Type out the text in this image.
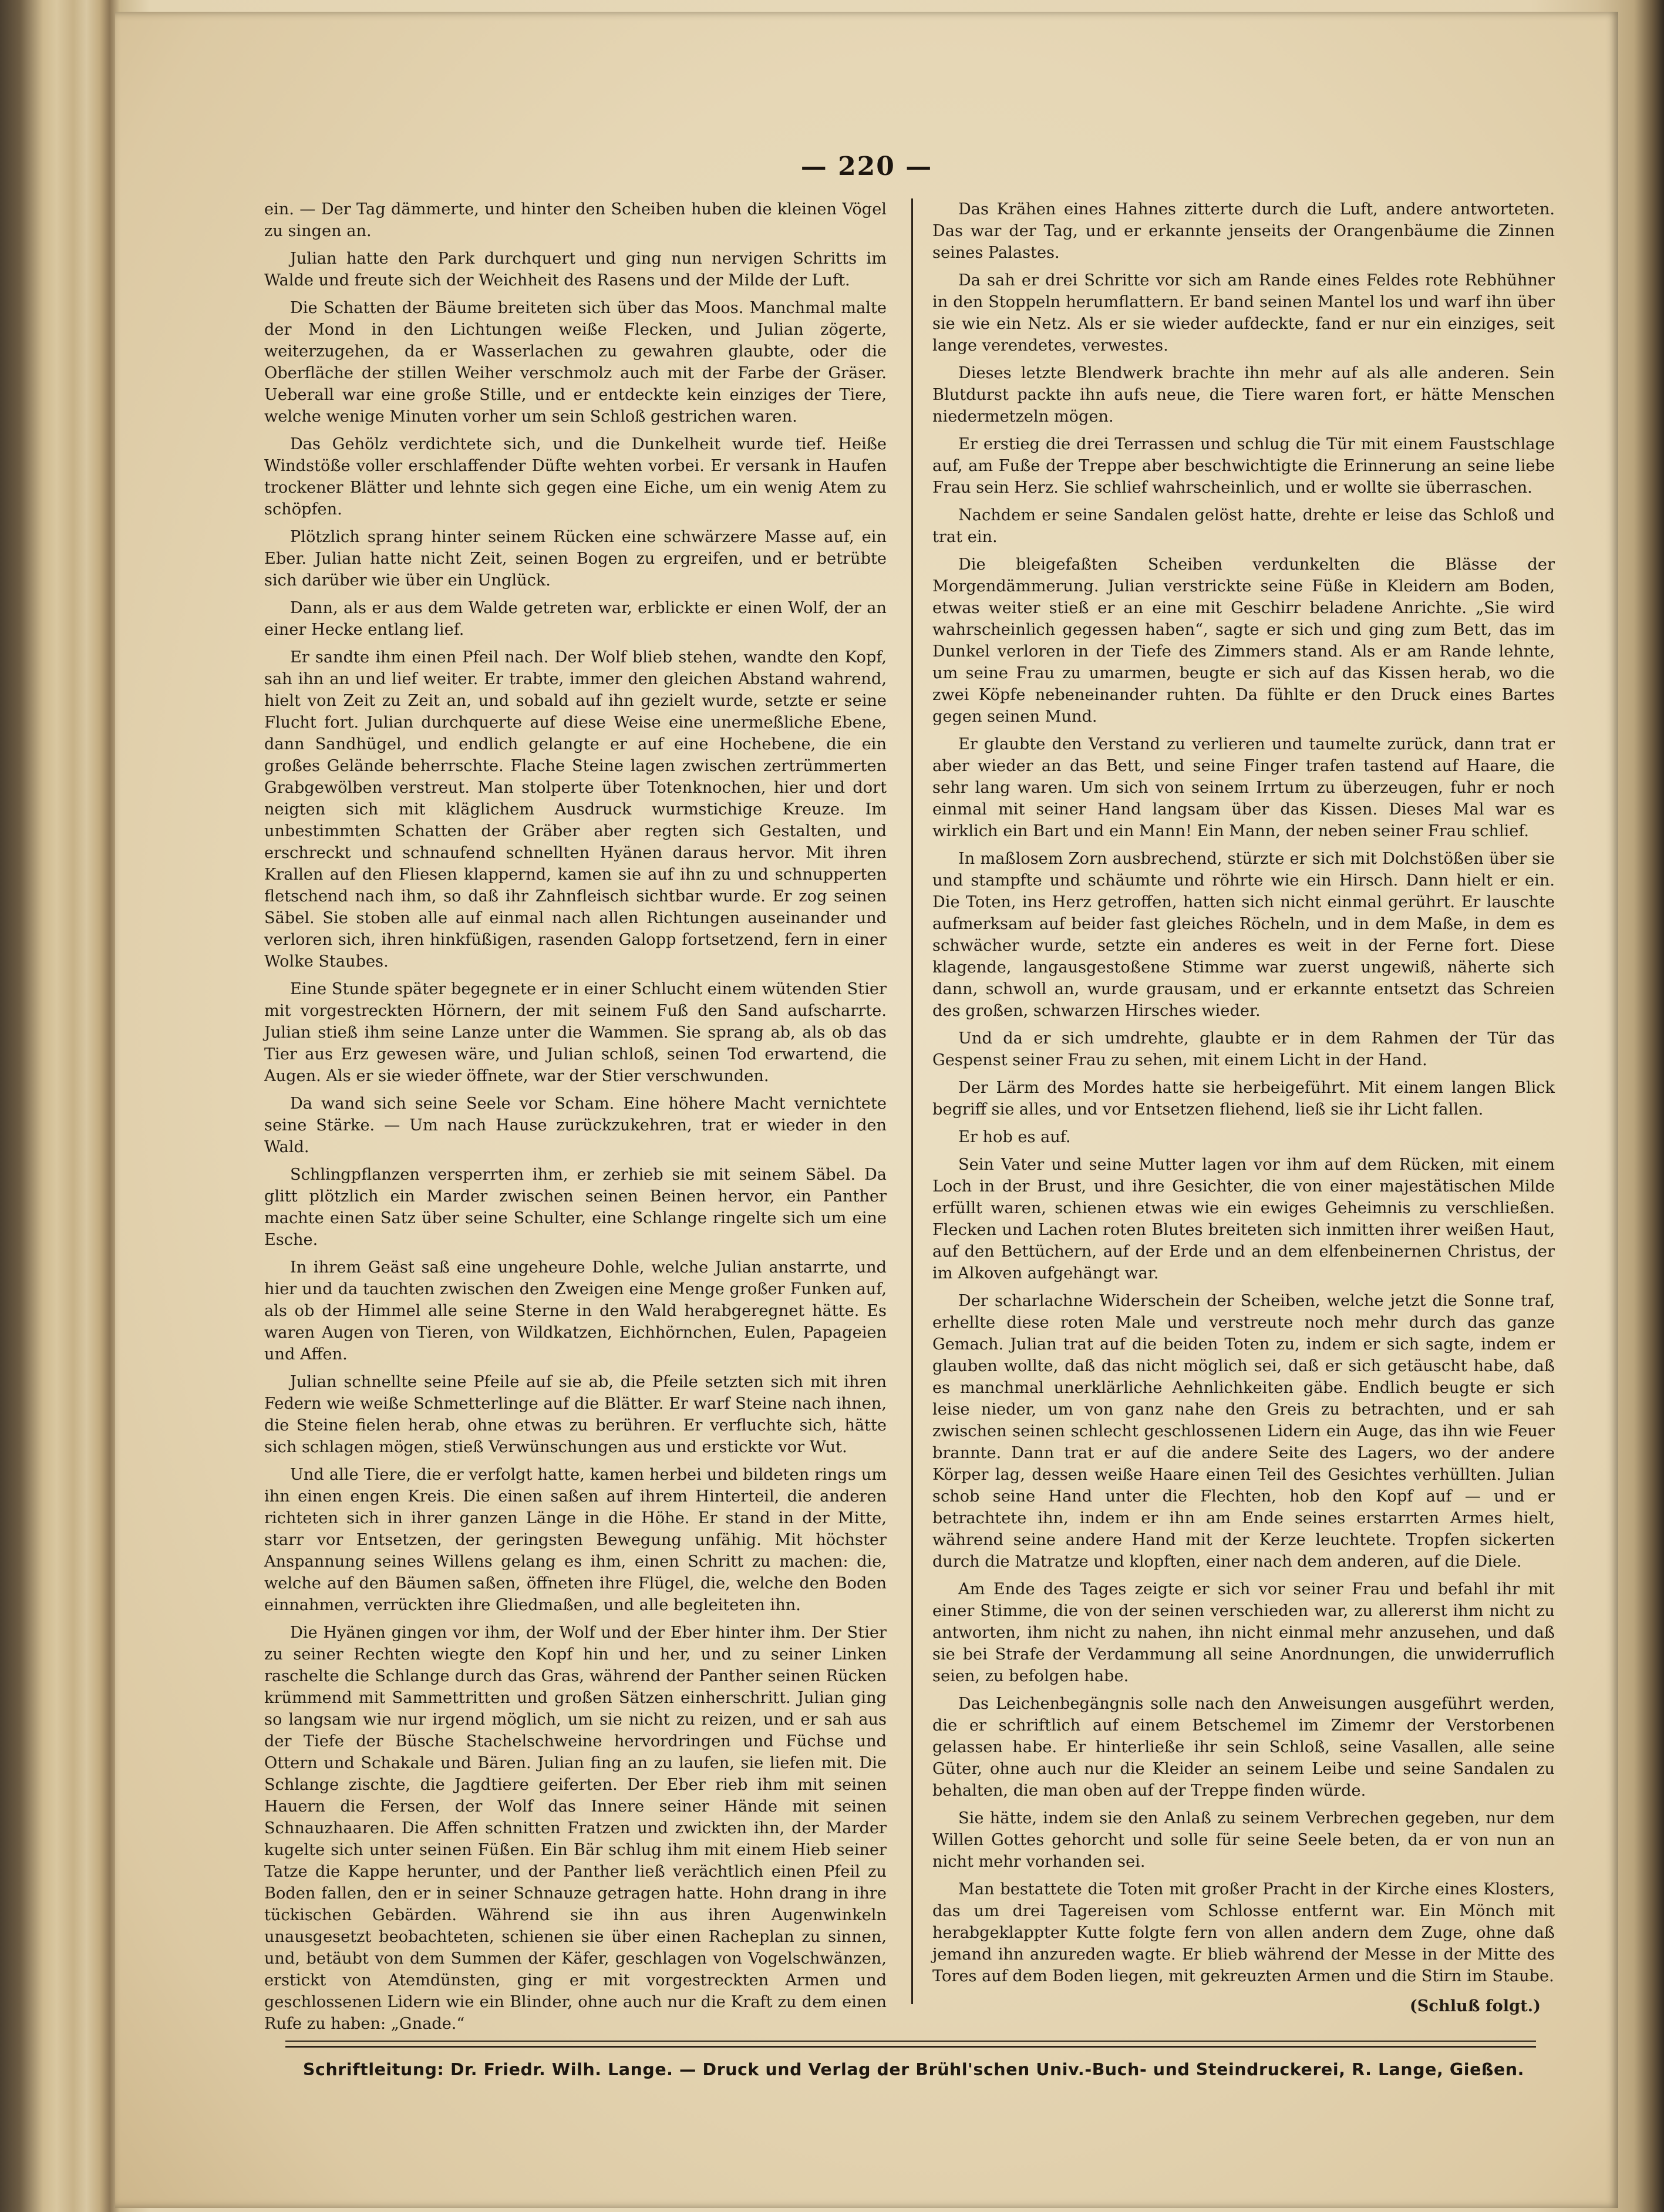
— 220 —

ein. — Der Tag dämmerte, und hinter den Scheiben huben die kleinen Vögel zu singen an.

Julian hatte den Park durchquert und ging nun nervigen Schritts im Walde und freute sich der Weichheit des Rasens und der Milde der Luft.

Die Schatten der Bäume breiteten sich über das Moos. Manchmal malte der Mond in den Lichtungen weiße Flecken, und Julian zögerte, weiterzugehen, da er Wasserlachen zu gewahren glaubte, oder die Oberfläche der stillen Weiher verschmolz auch mit der Farbe der Gräser. Ueberall war eine große Stille, und er entdeckte kein einziges der Tiere, welche wenige Minuten vorher um sein Schloß gestrichen waren.

Das Gehölz verdichtete sich, und die Dunkelheit wurde tief. Heiße Windstöße voller erschlaffender Düfte wehten vorbei. Er versank in Haufen trockener Blätter und lehnte sich gegen eine Eiche, um ein wenig Atem zu schöpfen.

Plötzlich sprang hinter seinem Rücken eine schwärzere Masse auf, ein Eber. Julian hatte nicht Zeit, seinen Bogen zu ergreifen, und er betrübte sich darüber wie über ein Unglück.

Dann, als er aus dem Walde getreten war, erblickte er einen Wolf, der an einer Hecke entlang lief.

Er sandte ihm einen Pfeil nach. Der Wolf blieb stehen, wandte den Kopf, sah ihn an und lief weiter. Er trabte, immer den gleichen Abstand wahrend, hielt von Zeit zu Zeit an, und sobald auf ihn gezielt wurde, setzte er seine Flucht fort. Julian durchquerte auf diese Weise eine unermeßliche Ebene, dann Sandhügel, und endlich gelangte er auf eine Hochebene, die ein großes Gelände beherrschte. Flache Steine lagen zwischen zertrümmerten Grabgewölben verstreut. Man stolperte über Totenknochen, hier und dort neigten sich mit kläglichem Ausdruck wurmstichige Kreuze. Im unbestimmten Schatten der Gräber aber regten sich Gestalten, und erschreckt und schnaufend schnellten Hyänen daraus hervor. Mit ihren Krallen auf den Fliesen klappernd, kamen sie auf ihn zu und schnupperten fletschend nach ihm, so daß ihr Zahnfleisch sichtbar wurde. Er zog seinen Säbel. Sie stoben alle auf einmal nach allen Richtungen auseinander und verloren sich, ihren hinkfüßigen, rasenden Galopp fortsetzend, fern in einer Wolke Staubes.

Eine Stunde später begegnete er in einer Schlucht einem wütenden Stier mit vorgestreckten Hörnern, der mit seinem Fuß den Sand aufscharrte. Julian stieß ihm seine Lanze unter die Wammen. Sie sprang ab, als ob das Tier aus Erz gewesen wäre, und Julian schloß, seinen Tod erwartend, die Augen. Als er sie wieder öffnete, war der Stier verschwunden.

Da wand sich seine Seele vor Scham. Eine höhere Macht vernichtete seine Stärke. — Um nach Hause zurückzukehren, trat er wieder in den Wald.

Schlingpflanzen versperrten ihm, er zerhieb sie mit seinem Säbel. Da glitt plötzlich ein Marder zwischen seinen Beinen hervor, ein Panther machte einen Satz über seine Schulter, eine Schlange ringelte sich um eine Esche.

In ihrem Geäst saß eine ungeheure Dohle, welche Julian anstarrte, und hier und da tauchten zwischen den Zweigen eine Menge großer Funken auf, als ob der Himmel alle seine Sterne in den Wald herabgeregnet hätte. Es waren Augen von Tieren, von Wildkatzen, Eichhörnchen, Eulen, Papageien und Affen.

Julian schnellte seine Pfeile auf sie ab, die Pfeile setzten sich mit ihren Federn wie weiße Schmetterlinge auf die Blätter. Er warf Steine nach ihnen, die Steine fielen herab, ohne etwas zu berühren. Er verfluchte sich, hätte sich schlagen mögen, stieß Verwünschungen aus und erstickte vor Wut.

Und alle Tiere, die er verfolgt hatte, kamen herbei und bildeten rings um ihn einen engen Kreis. Die einen saßen auf ihrem Hinterteil, die anderen richteten sich in ihrer ganzen Länge in die Höhe. Er stand in der Mitte, starr vor Entsetzen, der geringsten Bewegung unfähig. Mit höchster Anspannung seines Willens gelang es ihm, einen Schritt zu machen: die, welche auf den Bäumen saßen, öffneten ihre Flügel, die, welche den Boden einnahmen, verrückten ihre Gliedmaßen, und alle begleiteten ihn.

Die Hyänen gingen vor ihm, der Wolf und der Eber hinter ihm. Der Stier zu seiner Rechten wiegte den Kopf hin und her, und zu seiner Linken raschelte die Schlange durch das Gras, während der Panther seinen Rücken krümmend mit Sammettritten und großen Sätzen einherschritt. Julian ging so langsam wie nur irgend möglich, um sie nicht zu reizen, und er sah aus der Tiefe der Büsche Stachelschweine hervordringen und Füchse und Ottern und Schakale und Bären. Julian fing an zu laufen, sie liefen mit. Die Schlange zischte, die Jagdtiere geiferten. Der Eber rieb ihm mit seinen Hauern die Fersen, der Wolf das Innere seiner Hände mit seinen Schnauzhaaren. Die Affen schnitten Fratzen und zwickten ihn, der Marder kugelte sich unter seinen Füßen. Ein Bär schlug ihm mit einem Hieb seiner Tatze die Kappe herunter, und der Panther ließ verächtlich einen Pfeil zu Boden fallen, den er in seiner Schnauze getragen hatte. Hohn drang in ihre tückischen Gebärden. Während sie ihn aus ihren Augenwinkeln unausgesetzt beobachteten, schienen sie über einen Racheplan zu sinnen, und, betäubt von dem Summen der Käfer, geschlagen von Vogelschwänzen, erstickt von Atemdünsten, ging er mit vorgestreckten Armen und geschlossenen Lidern wie ein Blinder, ohne auch nur die Kraft zu dem einen Rufe zu haben: „Gnade.“

Das Krähen eines Hahnes zitterte durch die Luft, andere antworteten. Das war der Tag, und er erkannte jenseits der Orangenbäume die Zinnen seines Palastes.

Da sah er drei Schritte vor sich am Rande eines Feldes rote Rebhühner in den Stoppeln herumflattern. Er band seinen Mantel los und warf ihn über sie wie ein Netz. Als er sie wieder aufdeckte, fand er nur ein einziges, seit lange verendetes, verwestes.

Dieses letzte Blendwerk brachte ihn mehr auf als alle anderen. Sein Blutdurst packte ihn aufs neue, die Tiere waren fort, er hätte Menschen niedermetzeln mögen.

Er erstieg die drei Terrassen und schlug die Tür mit einem Faustschlage auf, am Fuße der Treppe aber beschwichtigte die Erinnerung an seine liebe Frau sein Herz. Sie schlief wahrscheinlich, und er wollte sie überraschen.

Nachdem er seine Sandalen gelöst hatte, drehte er leise das Schloß und trat ein.

Die bleigefaßten Scheiben verdunkelten die Blässe der Morgendämmerung. Julian verstrickte seine Füße in Kleidern am Boden, etwas weiter stieß er an eine mit Geschirr beladene Anrichte. „Sie wird wahrscheinlich gegessen haben“, sagte er sich und ging zum Bett, das im Dunkel verloren in der Tiefe des Zimmers stand. Als er am Rande lehnte, um seine Frau zu umarmen, beugte er sich auf das Kissen herab, wo die zwei Köpfe nebeneinander ruhten. Da fühlte er den Druck eines Bartes gegen seinen Mund.

Er glaubte den Verstand zu verlieren und taumelte zurück, dann trat er aber wieder an das Bett, und seine Finger trafen tastend auf Haare, die sehr lang waren. Um sich von seinem Irrtum zu überzeugen, fuhr er noch einmal mit seiner Hand langsam über das Kissen. Dieses Mal war es wirklich ein Bart und ein Mann! Ein Mann, der neben seiner Frau schlief.

In maßlosem Zorn ausbrechend, stürzte er sich mit Dolchstößen über sie und stampfte und schäumte und röhrte wie ein Hirsch. Dann hielt er ein. Die Toten, ins Herz getroffen, hatten sich nicht einmal gerührt. Er lauschte aufmerksam auf beider fast gleiches Röcheln, und in dem Maße, in dem es schwächer wurde, setzte ein anderes es weit in der Ferne fort. Diese klagende, langausgestoßene Stimme war zuerst ungewiß, näherte sich dann, schwoll an, wurde grausam, und er erkannte entsetzt das Schreien des großen, schwarzen Hirsches wieder.

Und da er sich umdrehte, glaubte er in dem Rahmen der Tür das Gespenst seiner Frau zu sehen, mit einem Licht in der Hand.

Der Lärm des Mordes hatte sie herbeigeführt. Mit einem langen Blick begriff sie alles, und vor Entsetzen fliehend, ließ sie ihr Licht fallen.

Er hob es auf.

Sein Vater und seine Mutter lagen vor ihm auf dem Rücken, mit einem Loch in der Brust, und ihre Gesichter, die von einer majestätischen Milde erfüllt waren, schienen etwas wie ein ewiges Geheimnis zu verschließen. Flecken und Lachen roten Blutes breiteten sich inmitten ihrer weißen Haut, auf den Bettüchern, auf der Erde und an dem elfenbeinernen Christus, der im Alkoven aufgehängt war.

Der scharlachne Widerschein der Scheiben, welche jetzt die Sonne traf, erhellte diese roten Male und verstreute noch mehr durch das ganze Gemach. Julian trat auf die beiden Toten zu, indem er sich sagte, indem er glauben wollte, daß das nicht möglich sei, daß er sich getäuscht habe, daß es manchmal unerklärliche Aehnlichkeiten gäbe. Endlich beugte er sich leise nieder, um von ganz nahe den Greis zu betrachten, und er sah zwischen seinen schlecht geschlossenen Lidern ein Auge, das ihn wie Feuer brannte. Dann trat er auf die andere Seite des Lagers, wo der andere Körper lag, dessen weiße Haare einen Teil des Gesichtes verhüllten. Julian schob seine Hand unter die Flechten, hob den Kopf auf — und er betrachtete ihn, indem er ihn am Ende seines erstarrten Armes hielt, während seine andere Hand mit der Kerze leuchtete. Tropfen sickerten durch die Matratze und klopften, einer nach dem anderen, auf die Diele.

Am Ende des Tages zeigte er sich vor seiner Frau und befahl ihr mit einer Stimme, die von der seinen verschieden war, zu allererst ihm nicht zu antworten, ihm nicht zu nahen, ihn nicht einmal mehr anzusehen, und daß sie bei Strafe der Verdammung all seine Anordnungen, die unwiderruflich seien, zu befolgen habe.

Das Leichenbegängnis solle nach den Anweisungen ausgeführt werden, die er schriftlich auf einem Betschemel im Zimemr der Verstorbenen gelassen habe. Er hinterließe ihr sein Schloß, seine Vasallen, alle seine Güter, ohne auch nur die Kleider an seinem Leibe und seine Sandalen zu behalten, die man oben auf der Treppe finden würde.

Sie hätte, indem sie den Anlaß zu seinem Verbrechen gegeben, nur dem Willen Gottes gehorcht und solle für seine Seele beten, da er von nun an nicht mehr vorhanden sei.

Man bestattete die Toten mit großer Pracht in der Kirche eines Klosters, das um drei Tagereisen vom Schlosse entfernt war. Ein Mönch mit herabgeklappter Kutte folgte fern von allen andern dem Zuge, ohne daß jemand ihn anzureden wagte. Er blieb während der Messe in der Mitte des Tores auf dem Boden liegen, mit gekreuzten Armen und die Stirn im Staube.

(Schluß folgt.)

Schriftleitung: Dr. Friedr. Wilh. Lange. — Druck und Verlag der Brühl'schen Univ.-Buch- und Steindruckerei, R. Lange, Gießen.
